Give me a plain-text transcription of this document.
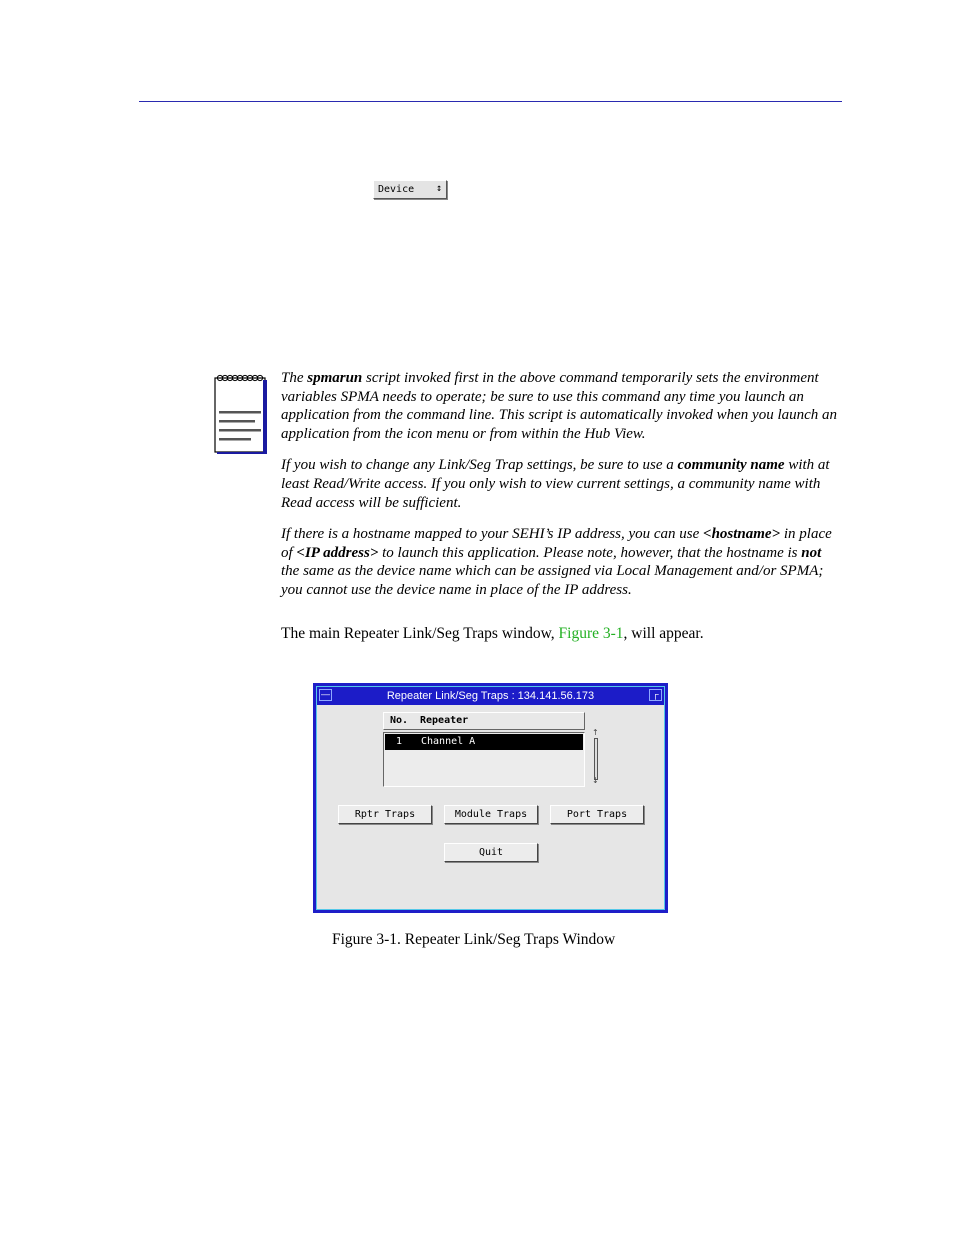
Device ↕

The spmarun script invoked first in the above command temporarily sets the environment variables SPMA needs to operate; be sure to use this command any time you launch an application from the command line. This script is automatically invoked when you launch an application from the icon menu or from within the Hub View.

If you wish to change any Link/Seg Trap settings, be sure to use a community name with at least Read/Write access. If you only wish to view current settings, a community name with Read access will be sufficient.

If there is a hostname mapped to your SEHI’s IP address, you can use <hostname> in place of <IP address> to launch this application. Please note, however, that the hostname is not the same as the device name which can be assigned via Local Management and/or SPMA; you cannot use the device name in place of the IP address.

The main Repeater Link/Seg Traps window, Figure 3-1, will appear.
—	Repeater Link/Seg Traps : 134.141.56.173	┌
No. Repeater
1 Channel A
↑
↓
Rptr Traps	Module Traps	Port Traps
Quit
Figure 3-1. Repeater Link/Seg Traps Window
